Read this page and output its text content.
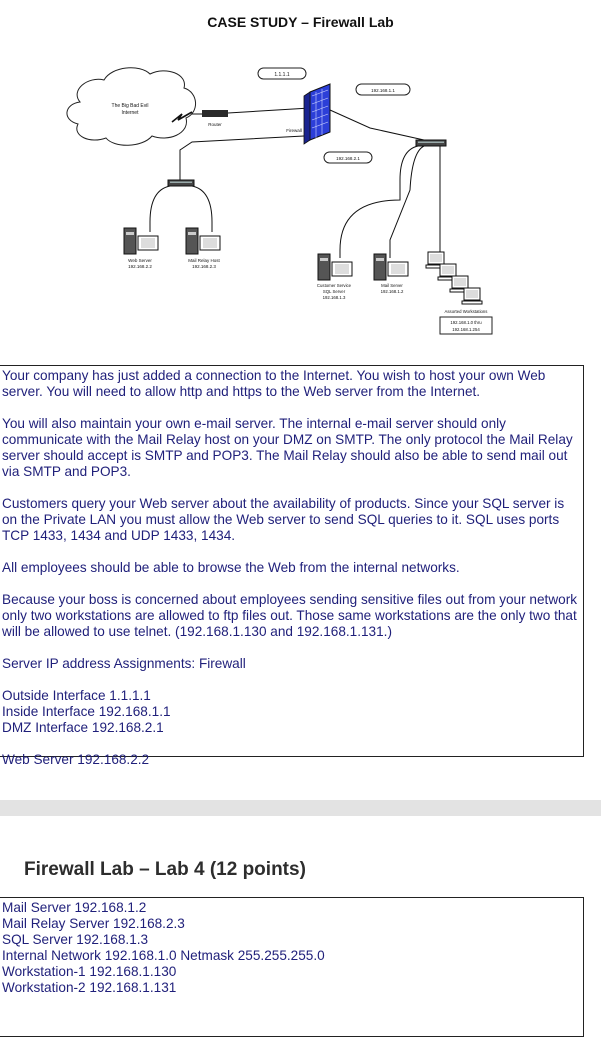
CASE STUDY – Firewall Lab
The Big Bad Evil
Internet
Router
Firewall
1.1.1.1
192.168.1.1
192.168.2.1
Web Server
192.168.2.2
Mail Relay Host
192.168.2.3
Customer Service
SQL Server
192.168.1.3
Mail Server
192.168.1.2
Assorted Workstations
192.168.1.0 thru
192.168.1.254

Your company has just added a connection to the Internet. You wish to host your own Web server. You will need to allow http and https to the Web server from the Internet.

You will also maintain your own e-mail server. The internal e-mail server should only communicate with the Mail Relay host on your DMZ on SMTP. The only protocol the Mail Relay server should accept is SMTP and POP3. The Mail Relay should also be able to send mail out via SMTP and POP3.

Customers query your Web server about the availability of products. Since your SQL server is on the Private LAN you must allow the Web server to send SQL queries to it. SQL uses ports TCP 1433, 1434 and UDP 1433, 1434.

All employees should be able to browse the Web from the internal networks.

Because your boss is concerned about employees sending sensitive files out from your network only two workstations are allowed to ftp files out. Those same workstations are the only two that will be allowed to use telnet. (192.168.1.130 and 192.168.1.131.)

Server IP address Assignments: Firewall

Outside Interface 1.1.1.1

Inside Interface 192.168.1.1

DMZ Interface 192.168.2.1

Web Server 192.168.2.2

Firewall Lab – Lab 4 (12 points)
Mail Server 192.168.1.2
Mail Relay Server 192.168.2.3
SQL Server 192.168.1.3
Internal Network 192.168.1.0 Netmask 255.255.255.0
Workstation-1 192.168.1.130
Workstation-2 192.168.1.131
